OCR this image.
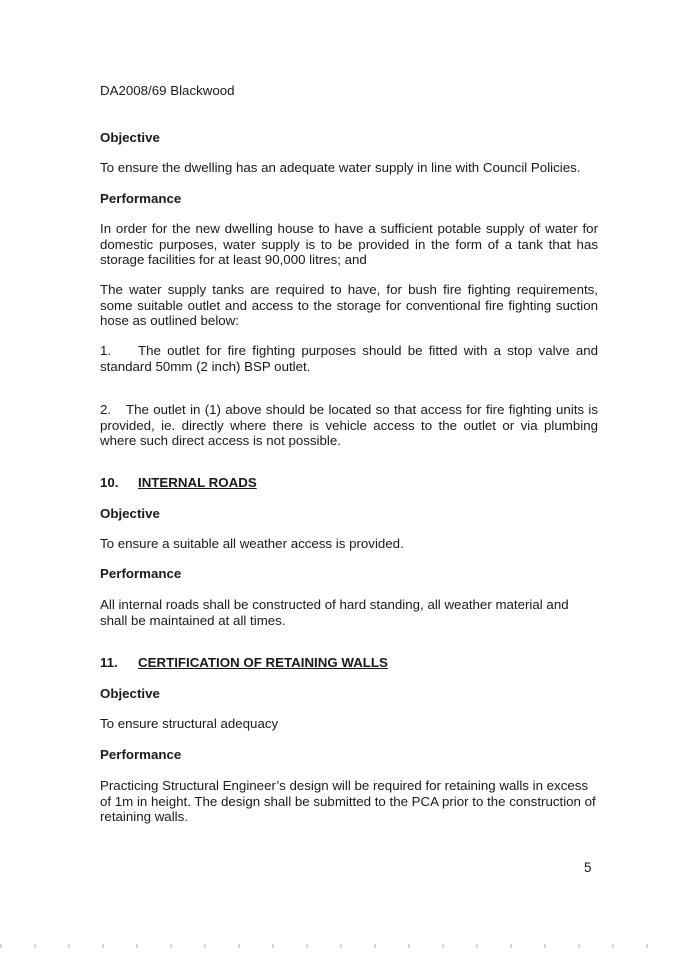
DA2008/69 Blackwood

Objective

To ensure the dwelling has an adequate water supply in line with Council Policies.

Performance

In order for the new dwelling house to have a sufficient potable supply of water for domestic purposes, water supply is to be provided in the form of a tank that has storage facilities for at least 90,000 litres; and

The water supply tanks are required to have, for bush fire fighting requirements, some suitable outlet and access to the storage for conventional fire fighting suction hose as outlined below:

1. The outlet for fire fighting purposes should be fitted with a stop valve and standard 50mm (2 inch) BSP outlet.

2. The outlet in (1) above should be located so that access for fire fighting units is provided, ie. directly where there is vehicle access to the outlet or via plumbing where such direct access is not possible.

10.	INTERNAL ROADS

Objective

To ensure a suitable all weather access is provided.

Performance

All internal roads shall be constructed of hard standing, all weather material and shall be maintained at all times.

11.	CERTIFICATION OF RETAINING WALLS

Objective

To ensure structural adequacy

Performance

Practicing Structural Engineer’s design will be required for retaining walls in excess of 1m in height. The design shall be submitted to the PCA prior to the construction of retaining walls.

5
